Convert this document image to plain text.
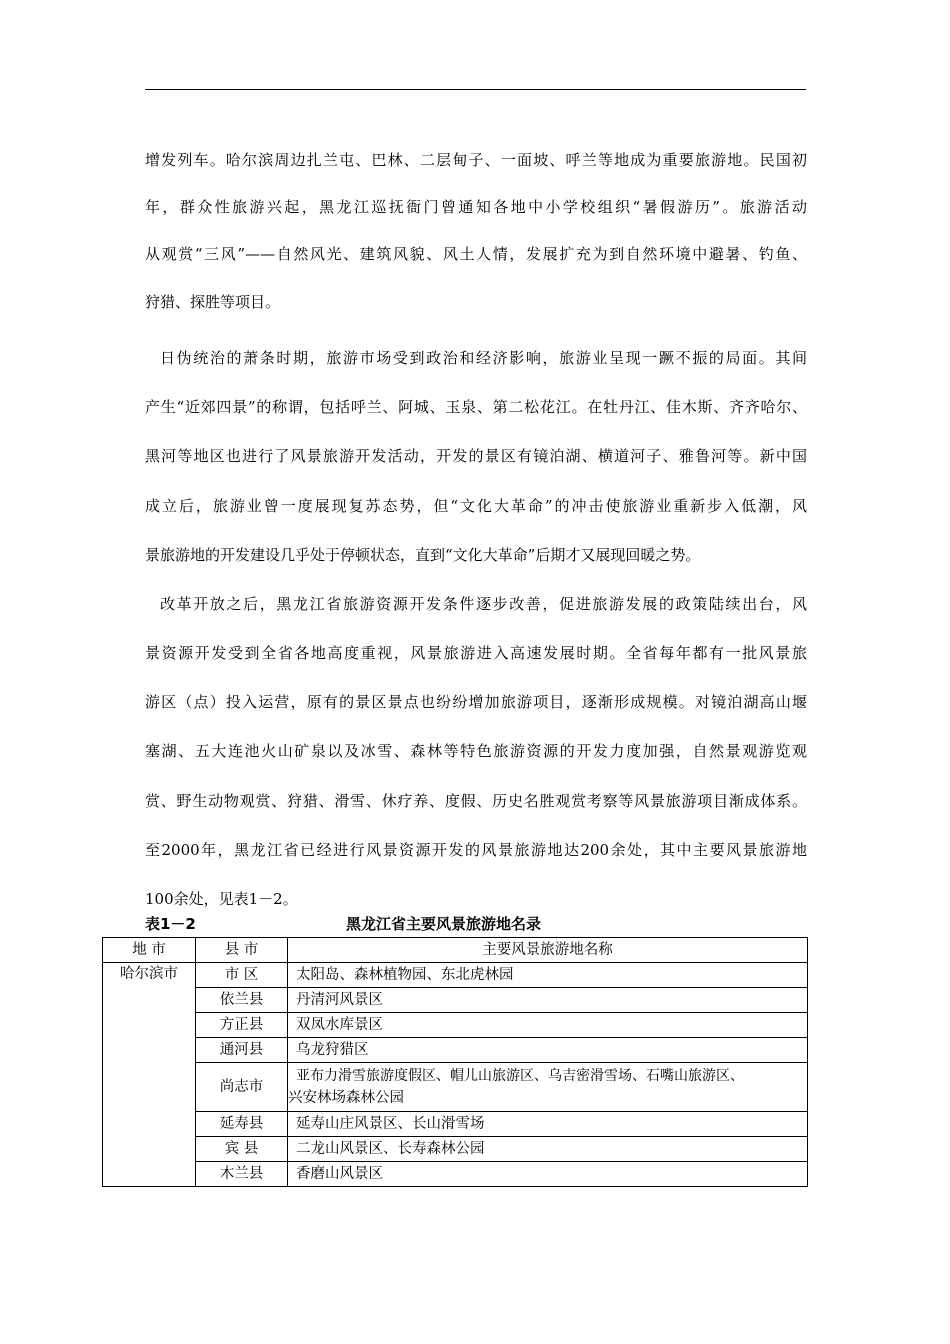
增发列车。哈尔滨周边扎兰屯、巴林、二层甸子、一面坡、呼兰等地成为重要旅游地。民国初
年，群众性旅游兴起，黑龙江巡抚衙门曾通知各地中小学校组织“暑假游历”。旅游活动
从观赏“三风”——自然风光、建筑风貌、风土人情，发展扩充为到自然环境中避暑、钓鱼、
狩猎、探胜等项目。
日伪统治的萧条时期，旅游市场受到政治和经济影响，旅游业呈现一蹶不振的局面。其间
产生“近郊四景”的称谓，包括呼兰、阿城、玉泉、第二松花江。在牡丹江、佳木斯、齐齐哈尔、
黑河等地区也进行了风景旅游开发活动，开发的景区有镜泊湖、横道河子、雅鲁河等。新中国
成立后，旅游业曾一度展现复苏态势，但“文化大革命”的冲击使旅游业重新步入低潮，风
景旅游地的开发建设几乎处于停顿状态，直到“文化大革命”后期才又展现回暖之势。
改革开放之后，黑龙江省旅游资源开发条件逐步改善，促进旅游发展的政策陆续出台，风
景资源开发受到全省各地高度重视，风景旅游进入高速发展时期。全省每年都有一批风景旅
游区（点）投入运营，原有的景区景点也纷纷增加旅游项目，逐渐形成规模。对镜泊湖高山堰
塞湖、五大连池火山矿泉以及冰雪、森林等特色旅游资源的开发力度加强，自然景观游览观
赏、野生动物观赏、狩猎、滑雪、休疗养、度假、历史名胜观赏考察等风景旅游项目渐成体系。
至2000年，黑龙江省已经进行风景资源开发的风景旅游地达200余处，其中主要风景旅游地
100余处，见表1－2。
表1－2	黑龙江省主要风景旅游地名录
地 市	县 市	主要风景旅游地名称
哈尔滨市	市 区	太阳岛、森林植物园、东北虎林园
	依兰县	丹清河风景区
	方正县	双凤水库景区
	通河县	乌龙狩猎区
	尚志市	亚布力滑雪旅游度假区、帽儿山旅游区、乌吉密滑雪场、石嘴山旅游区、
兴安林场森林公园

	延寿县	延寿山庄风景区、长山滑雪场
	宾 县	二龙山风景区、长寿森林公园
	木兰县	香磨山风景区
